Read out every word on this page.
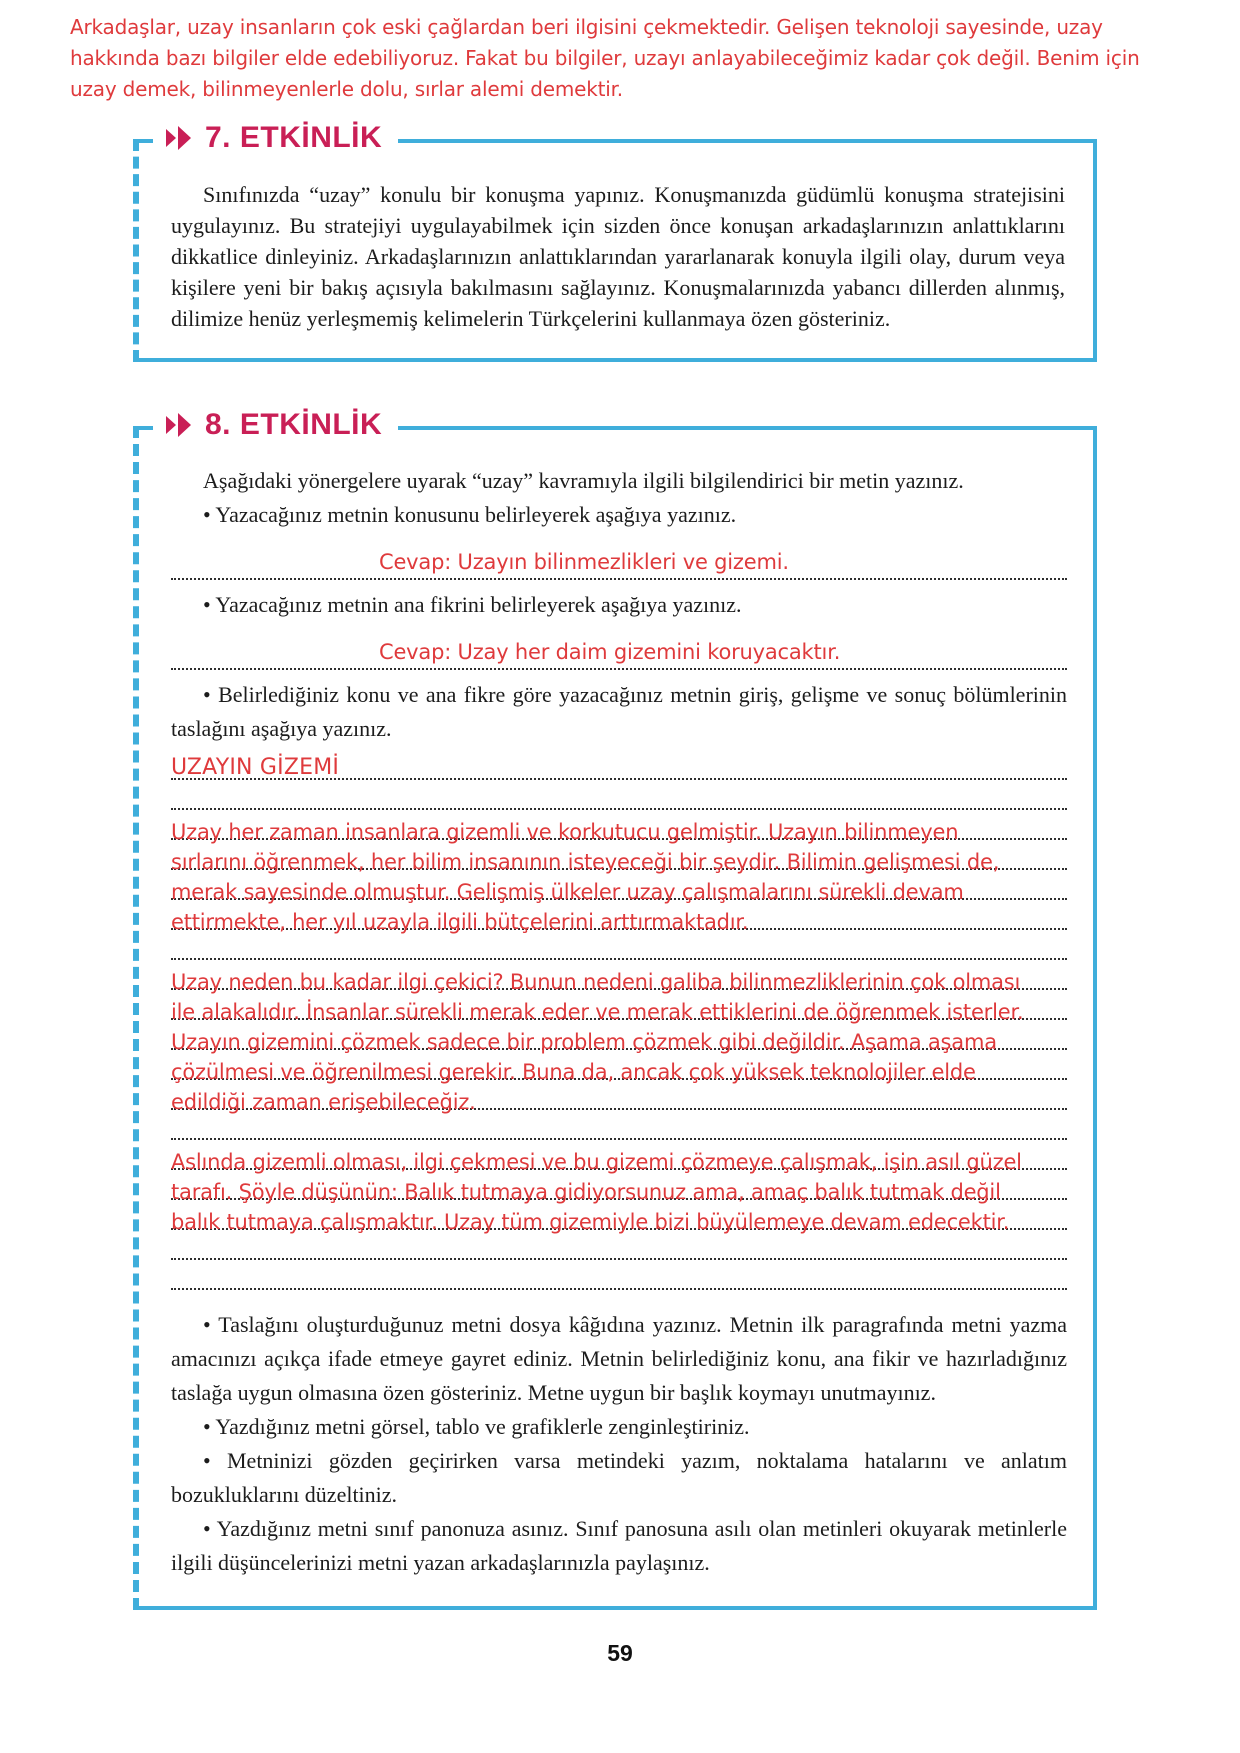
Arkadaşlar, uzay insanların çok eski çağlardan beri ilgisini çekmektedir. Gelişen teknoloji sayesinde, uzay hakkında bazı bilgiler elde edebiliyoruz. Fakat bu bilgiler, uzayı anlayabileceğimiz kadar çok değil. Benim için uzay demek, bilinmeyenlerle dolu, sırlar alemi demektir.

7. ETKİNLİK

Sınıfınızda “uzay” konulu bir konuşma yapınız. Konuşmanızda güdümlü konuşma stratejisini uygulayınız. Bu stratejiyi uygulayabilmek için sizden önce konuşan arkadaşlarınızın anlattıklarını dikkatlice dinleyiniz. Arkadaşlarınızın anlattıklarından yararlanarak konuyla ilgili olay, durum veya kişilere yeni bir bakış açısıyla bakılmasını sağlayınız. Konuşmalarınızda yabancı dillerden alınmış, dilimize henüz yerleşmemiş kelimelerin Türkçelerini kullanmaya özen gösteriniz.

8. ETKİNLİK

Aşağıdaki yönergelere uyarak “uzay” kavramıyla ilgili bilgilendirici bir metin yazınız.

• Yazacağınız metnin konusunu belirleyerek aşağıya yazınız.

Cevap: Uzayın bilinmezlikleri ve gizemi.

• Yazacağınız metnin ana fikrini belirleyerek aşağıya yazınız.

Cevap: Uzay her daim gizemini koruyacaktır.

• Belirlediğiniz konu ve ana fikre göre yazacağınız metnin giriş, gelişme ve sonuç bölümlerinin taslağını aşağıya yazınız.

UZAYIN GİZEMİ
Uzay her zaman insanlara gizemli ve korkutucu gelmiştir. Uzayın bilinmeyen
sırlarını öğrenmek, her bilim insanının isteyeceği bir şeydir. Bilimin gelişmesi de,
merak sayesinde olmuştur. Gelişmiş ülkeler uzay çalışmalarını sürekli devam
ettirmekte, her yıl uzayla ilgili bütçelerini arttırmaktadır.
Uzay neden bu kadar ilgi çekici? Bunun nedeni galiba bilinmezliklerinin çok olması
ile alakalıdır. İnsanlar sürekli merak eder ve merak ettiklerini de öğrenmek isterler.
Uzayın gizemini çözmek sadece bir problem çözmek gibi değildir. Aşama aşama
çözülmesi ve öğrenilmesi gerekir. Buna da, ancak çok yüksek teknolojiler elde
edildiği zaman erişebileceğiz.
Aslında gizemli olması, ilgi çekmesi ve bu gizemi çözmeye çalışmak, işin asıl güzel
tarafı. Şöyle düşünün: Balık tutmaya gidiyorsunuz ama, amaç balık tutmak değil
balık tutmaya çalışmaktır. Uzay tüm gizemiyle bizi büyülemeye devam edecektir.

• Taslağını oluşturduğunuz metni dosya kâğıdına yazınız. Metnin ilk paragrafında metni yazma amacınızı açıkça ifade etmeye gayret ediniz. Metnin belirlediğiniz konu, ana fikir ve hazırladığınız taslağa uygun olmasına özen gösteriniz. Metne uygun bir başlık koymayı unutmayınız.

• Yazdığınız metni görsel, tablo ve grafiklerle zenginleştiriniz.

• Metninizi gözden geçirirken varsa metindeki yazım, noktalama hatalarını ve anlatım bozukluklarını düzeltiniz.

• Yazdığınız metni sınıf panonuza asınız. Sınıf panosuna asılı olan metinleri okuyarak metinlerle ilgili düşüncelerinizi metni yazan arkadaşlarınızla paylaşınız.

59
